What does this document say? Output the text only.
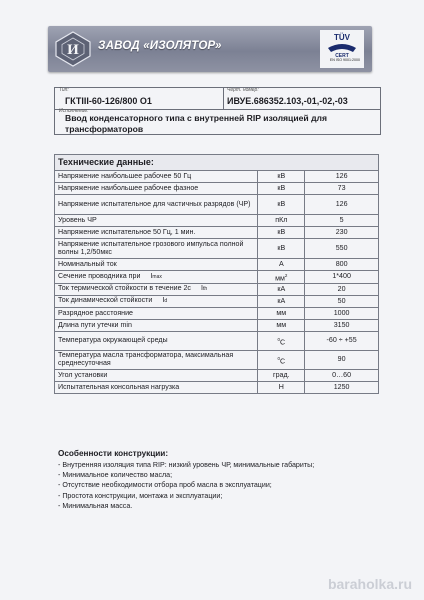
И ЗАВОД «ИЗОЛЯТОР»
TÜV
CERT
EN ISO 9001:2000
Тип:
ГКТIII-60-126/800 О1
Черт. номер:
ИВУЕ.686352.103,-01,-02,-03
Исполнение:
Ввод конденсаторного типа с внутренней RIP изоляцией для трансформаторов
Технические данные:		
Напряжение наибольшее рабочее 50 Гц	кВ	126
Напряжение наибольшее рабочее фазное	кВ	73
Напряжение испытательное для частичных разрядов (ЧР)	кВ	126
Уровень ЧР	пКл	5
Напряжение испытательное 50 Гц, 1 мин.	кВ	230
Напряжение испытательное грозового импульса полной волны 1,2/50мкс	кВ	550
Номинальный ток	А	800
Сечение проводника при Imax	$мм^2$	1*400
Ток термической стойкости в течение 2с Ith	кА	20
Ток динамической стойкости Id	кА	50
Разрядное расстояние	мм	1000
Длина пути утечки min	мм	3150
Температура окружающей среды	$^0$С	-60 ÷ +55
Температура масла трансформатора, максимальная среднесуточная	$^0$С	90
Угол установки	град.	0…60
Испытательная консольная нагрузка	Н	1250
Особенности конструкции:
- Внутренняя изоляция типа RIP: низкий уровень ЧР, минимальные габариты;
- Минимальное количество масла;
- Отсутствие необходимости отбора проб масла в эксплуатации;
- Простота конструкции, монтажа и эксплуатации;
- Минимальная масса.
baraholka.ru
